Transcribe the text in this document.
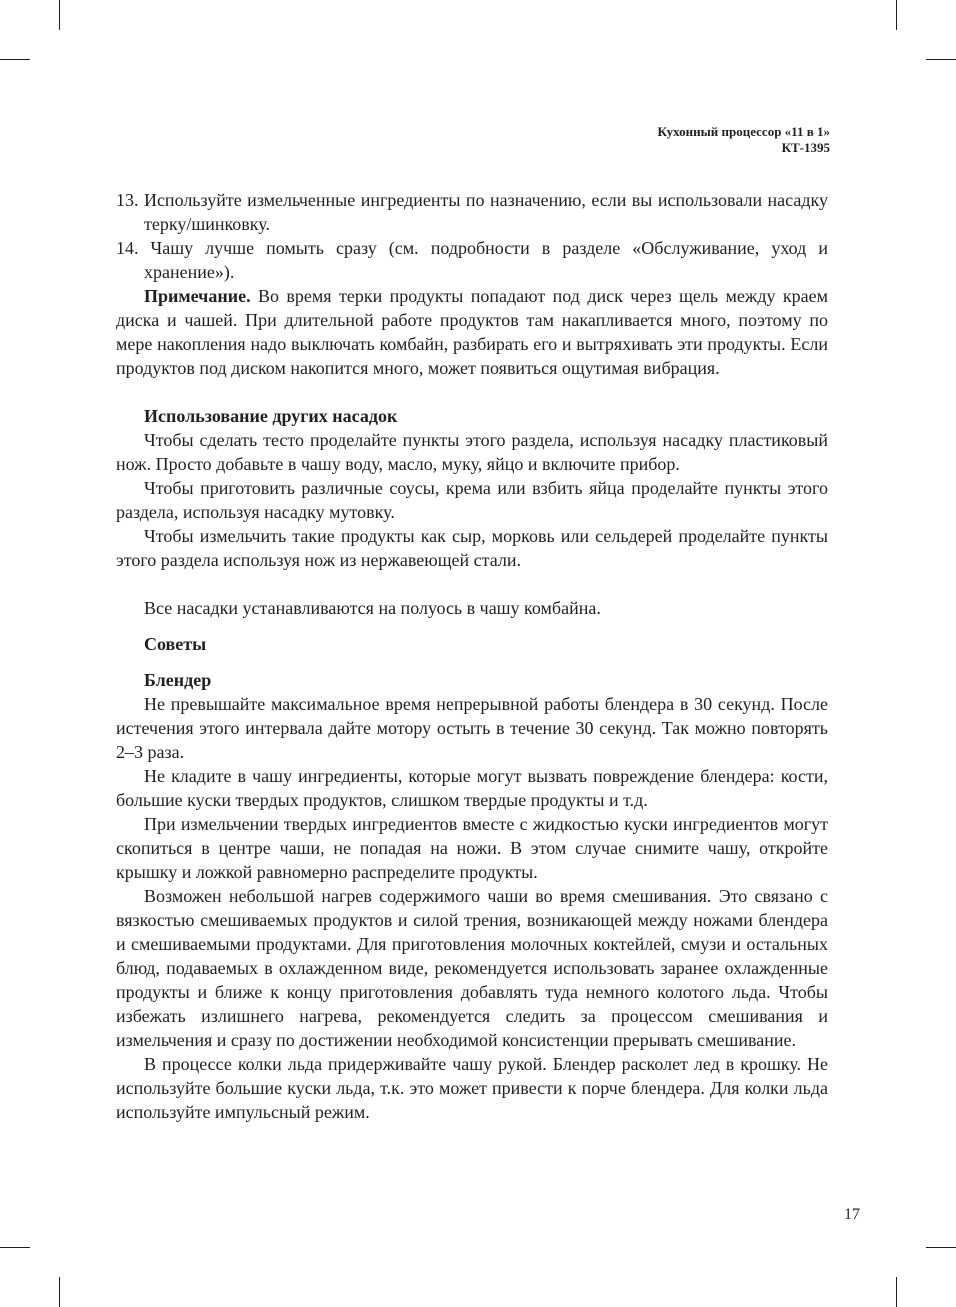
Кухонный процессор «11 в 1»
КТ-1395

13. Используйте измельченные ингредиенты по назначению, если вы использовали насадку терку/шинковку.

14. Чашу лучше помыть сразу (см. подробности в разделе «Обслуживание, уход и хранение»).

Примечание. Во время терки продукты попадают под диск через щель между краем диска и чашей. При длительной работе продуктов там накапливается много, поэтому по мере накопления надо выключать комбайн, разбирать его и вытряхивать эти продукты. Если продуктов под диском накопится много, может появиться ощутимая вибрация.

Использование других насадок

Чтобы сделать тесто проделайте пункты этого раздела, используя насадку пластиковый нож. Просто добавьте в чашу воду, масло, муку, яйцо и включите прибор.

Чтобы приготовить различные соусы, крема или взбить яйца проделайте пункты этого раздела, используя насадку мутовку.

Чтобы измельчить такие продукты как сыр, морковь или сельдерей проделайте пункты этого раздела используя нож из нержавеющей стали.

Все насадки устанавливаются на полуось в чашу комбайна.

Советы

Блендер

Не превышайте максимальное время непрерывной работы блендера в 30 секунд. После истечения этого интервала дайте мотору остыть в течение 30 секунд. Так можно повторять 2–3 раза.

Не кладите в чашу ингредиенты, которые могут вызвать повреждение блендера: кости, большие куски твердых продуктов, слишком твердые продукты и т.д.

При измельчении твердых ингредиентов вместе с жидкостью куски ингредиентов могут скопиться в центре чаши, не попадая на ножи. В этом случае снимите чашу, откройте крышку и ложкой равномерно распределите продукты.

Возможен небольшой нагрев содержимого чаши во время смешивания. Это связано с вязкостью смешиваемых продуктов и силой трения, возникающей между ножами блендера и смешиваемыми продуктами. Для приготовления молочных коктейлей, смузи и остальных блюд, подаваемых в охлажденном виде, рекомендуется использовать заранее охлажденные продукты и ближе к концу приготовления добавлять туда немного колотого льда. Чтобы избежать излишнего нагрева, рекомендуется следить за процессом смешивания и измельчения и сразу по достижении необходимой консистенции прерывать смешивание.

В процессе колки льда придерживайте чашу рукой. Блендер расколет лед в крошку. Не используйте большие куски льда, т.к. это может привести к порче блендера. Для колки льда используйте импульсный режим.

17
